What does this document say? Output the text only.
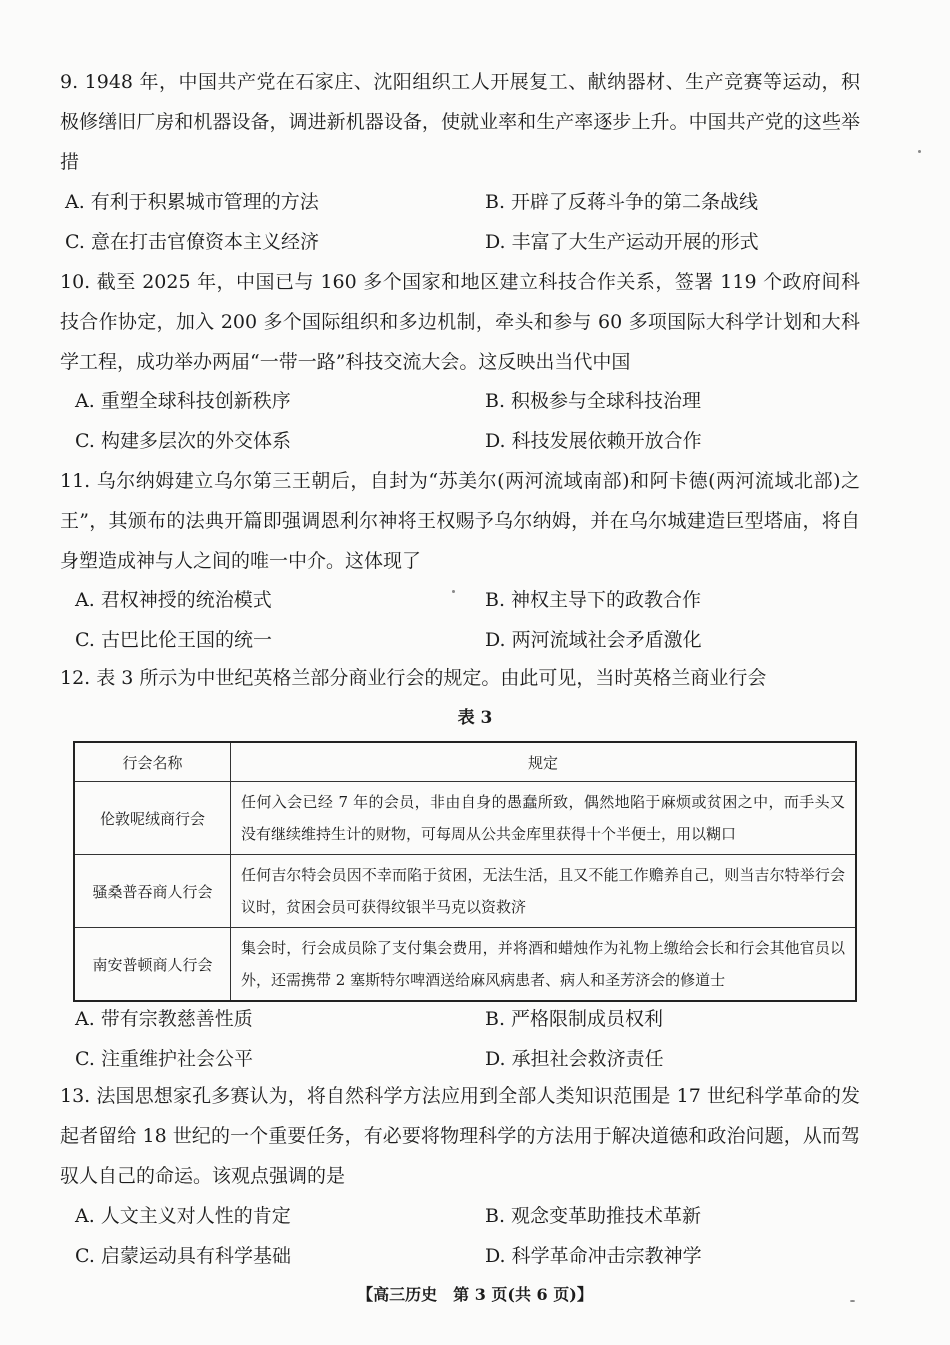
9. 1948 年，中国共产党在石家庄、沈阳组织工人开展复工、献纳器材、生产竞赛等运动，积极修缮旧厂房和机器设备，调进新机器设备，使就业率和生产率逐步上升。中国共产党的这些举措

A. 有利于积累城市管理的方法	B. 开辟了反蒋斗争的第二条战线
C. 意在打击官僚资本主义经济	D. 丰富了大生产运动开展的形式

10. 截至 2025 年，中国已与 160 多个国家和地区建立科技合作关系，签署 119 个政府间科技合作协定，加入 200 多个国际组织和多边机制，牵头和参与 60 多项国际大科学计划和大科学工程，成功举办两届“一带一路”科技交流大会。这反映出当代中国

A. 重塑全球科技创新秩序	B. 积极参与全球科技治理
C. 构建多层次的外交体系	D. 科技发展依赖开放合作

11. 乌尔纳姆建立乌尔第三王朝后，自封为“苏美尔(两河流域南部)和阿卡德(两河流域北部)之王”，其颁布的法典开篇即强调恩利尔神将王权赐予乌尔纳姆，并在乌尔城建造巨型塔庙，将自身塑造成神与人之间的唯一中介。这体现了

A. 君权神授的统治模式	B. 神权主导下的政教合作
C. 古巴比伦王国的统一	D. 两河流域社会矛盾激化

12. 表 3 所示为中世纪英格兰部分商业行会的规定。由此可见，当时英格兰商业行会

表 3
行会名称	规定
伦敦呢绒商行会	任何入会已经 7 年的会员，非由自身的愚蠢所致，偶然地陷于麻烦或贫困之中，而手头又没有继续维持生计的财物，可每周从公共金库里获得十个半便士，用以糊口
骚桑普吞商人行会	任何吉尔特会员因不幸而陷于贫困，无法生活，且又不能工作赡养自己，则当吉尔特举行会议时，贫困会员可获得纹银半马克以资救济
南安普顿商人行会	集会时，行会成员除了支付集会费用，并将酒和蜡烛作为礼物上缴给会长和行会其他官员以外，还需携带 2 塞斯特尔啤酒送给麻风病患者、病人和圣芳济会的修道士
A. 带有宗教慈善性质	B. 严格限制成员权利
C. 注重维护社会公平	D. 承担社会救济责任

13. 法国思想家孔多赛认为，将自然科学方法应用到全部人类知识范围是 17 世纪科学革命的发起者留给 18 世纪的一个重要任务，有必要将物理科学的方法用于解决道德和政治问题，从而驾驭人自己的命运。该观点强调的是

A. 人文主义对人性的肯定	B. 观念变革助推技术革新
C. 启蒙运动具有科学基础	D. 科学革命冲击宗教神学
【高三历史　第 3 页(共 6 页)】
